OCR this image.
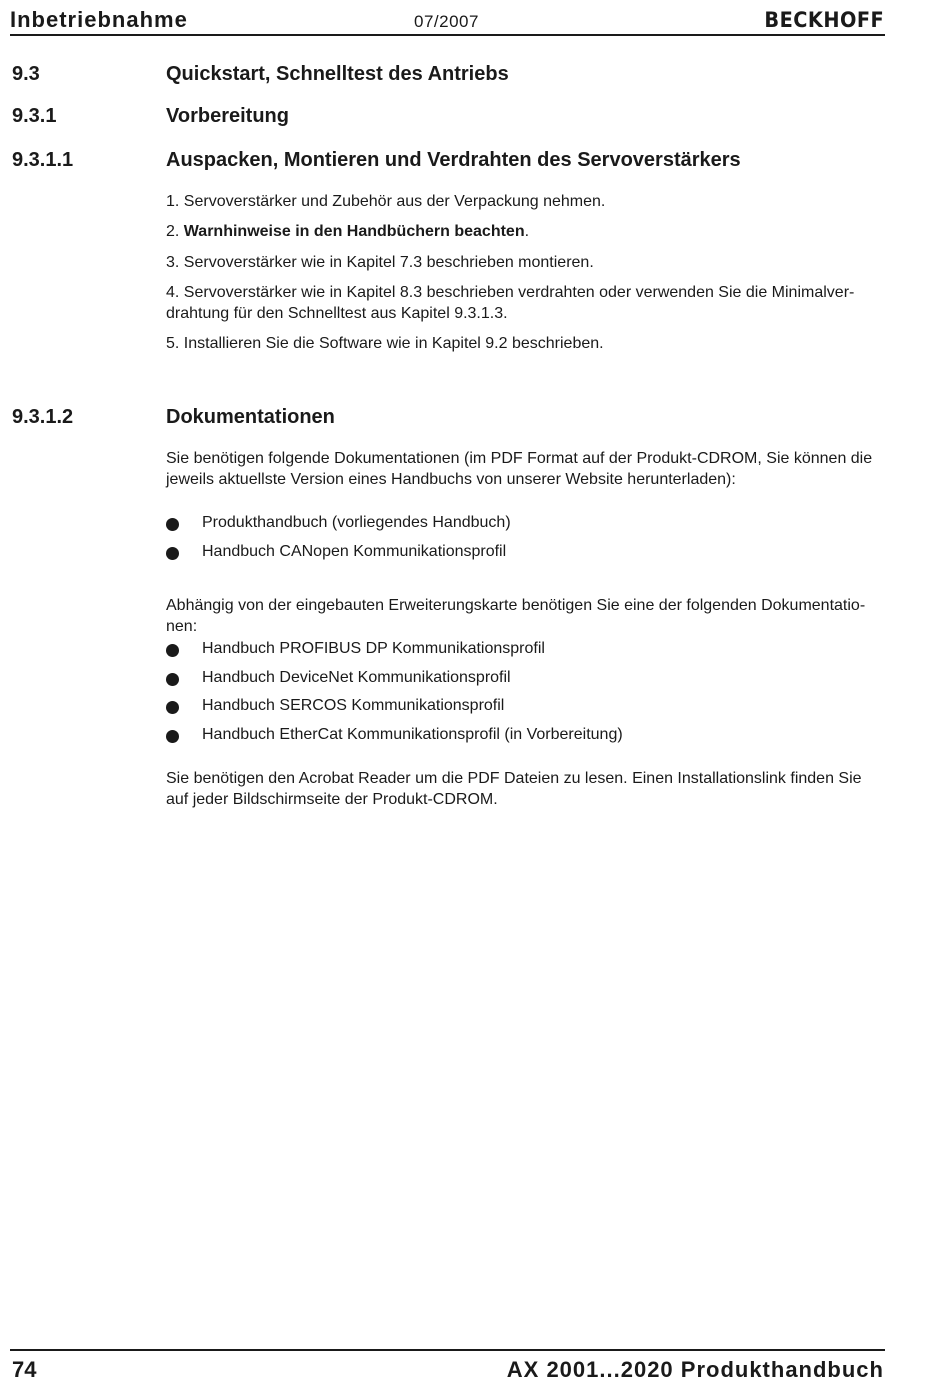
Inbetriebnahme	07/2007	BECKHOFF
9.3	Quickstart, Schnelltest des Antriebs
9.3.1	Vorbereitung
9.3.1.1	Auspacken, Montieren und Verdrahten des Servoverstärkers
1. Servoverstärker und Zubehör aus der Verpackung nehmen.
2. Warnhinweise in den Handbüchern beachten.
3. Servoverstärker wie in Kapitel 7.3 beschrieben montieren.
4. Servoverstärker wie in Kapitel 8.3 beschrieben verdrahten oder verwenden Sie die Minimalver-
drahtung für den Schnelltest aus Kapitel 9.3.1.3.
5. Installieren Sie die Software wie in Kapitel 9.2 beschrieben.
9.3.1.2	Dokumentationen
Sie benötigen folgende Dokumentationen (im PDF Format auf der Produkt-CDROM, Sie können die
jeweils aktuellste Version eines Handbuchs von unserer Website herunterladen):
Produkthandbuch (vorliegendes Handbuch)
Handbuch CANopen Kommunikationsprofil
Abhängig von der eingebauten Erweiterungskarte benötigen Sie eine der folgenden Dokumentatio-
nen:
Handbuch PROFIBUS DP Kommunikationsprofil
Handbuch DeviceNet Kommunikationsprofil
Handbuch SERCOS Kommunikationsprofil
Handbuch EtherCat Kommunikationsprofil (in Vorbereitung)
Sie benötigen den Acrobat Reader um die PDF Dateien zu lesen. Einen Installationslink finden Sie
auf jeder Bildschirmseite der Produkt-CDROM.
74	AX 2001...2020 Produkthandbuch
